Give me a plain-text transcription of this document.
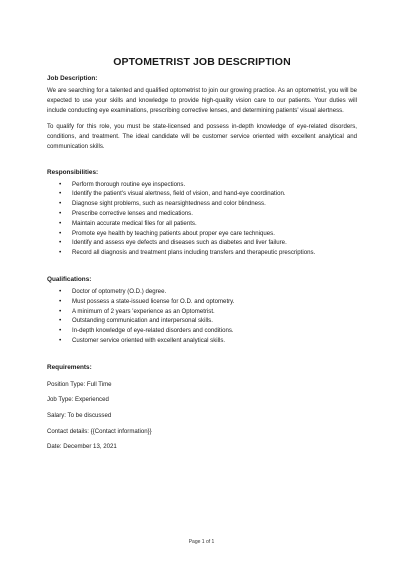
OPTOMETRIST JOB DESCRIPTION
Job Description:

We are searching for a talented and qualified optometrist to join our growing practice. As an optometrist, you will be expected to use your skills and knowledge to provide high-quality vision care to our patients. Your duties will include conducting eye examinations, prescribing corrective lenses, and determining patients' visual alertness.

To qualify for this role, you must be state-licensed and possess in-depth knowledge of eye-related disorders, conditions, and treatment. The ideal candidate will be customer service oriented with excellent analytical and communication skills.

Responsibilities:
• Perform thorough routine eye inspections.
• Identify the patient's visual alertness, field of vision, and hand-eye coordination.
• Diagnose sight problems, such as nearsightedness and color blindness.
• Prescribe corrective lenses and medications.
• Maintain accurate medical files for all patients.
• Promote eye health by teaching patients about proper eye care techniques.
• Identify and assess eye defects and diseases such as diabetes and liver failure.
• Record all diagnosis and treatment plans including transfers and therapeutic prescriptions.
Qualifications:
• Doctor of optometry (O.D.) degree.
• Must possess a state-issued license for O.D. and optometry.
• A minimum of 2 years 'experience as an Optometrist.
• Outstanding communication and interpersonal skills.
• In-depth knowledge of eye-related disorders and conditions.
• Customer service oriented with excellent analytical skills.
Requirements:
Position Type: Full Time
Job Type: Experienced
Salary: To be discussed
Contact details: {{Contact information}}
Date: December 13, 2021
Page 1 of 1
